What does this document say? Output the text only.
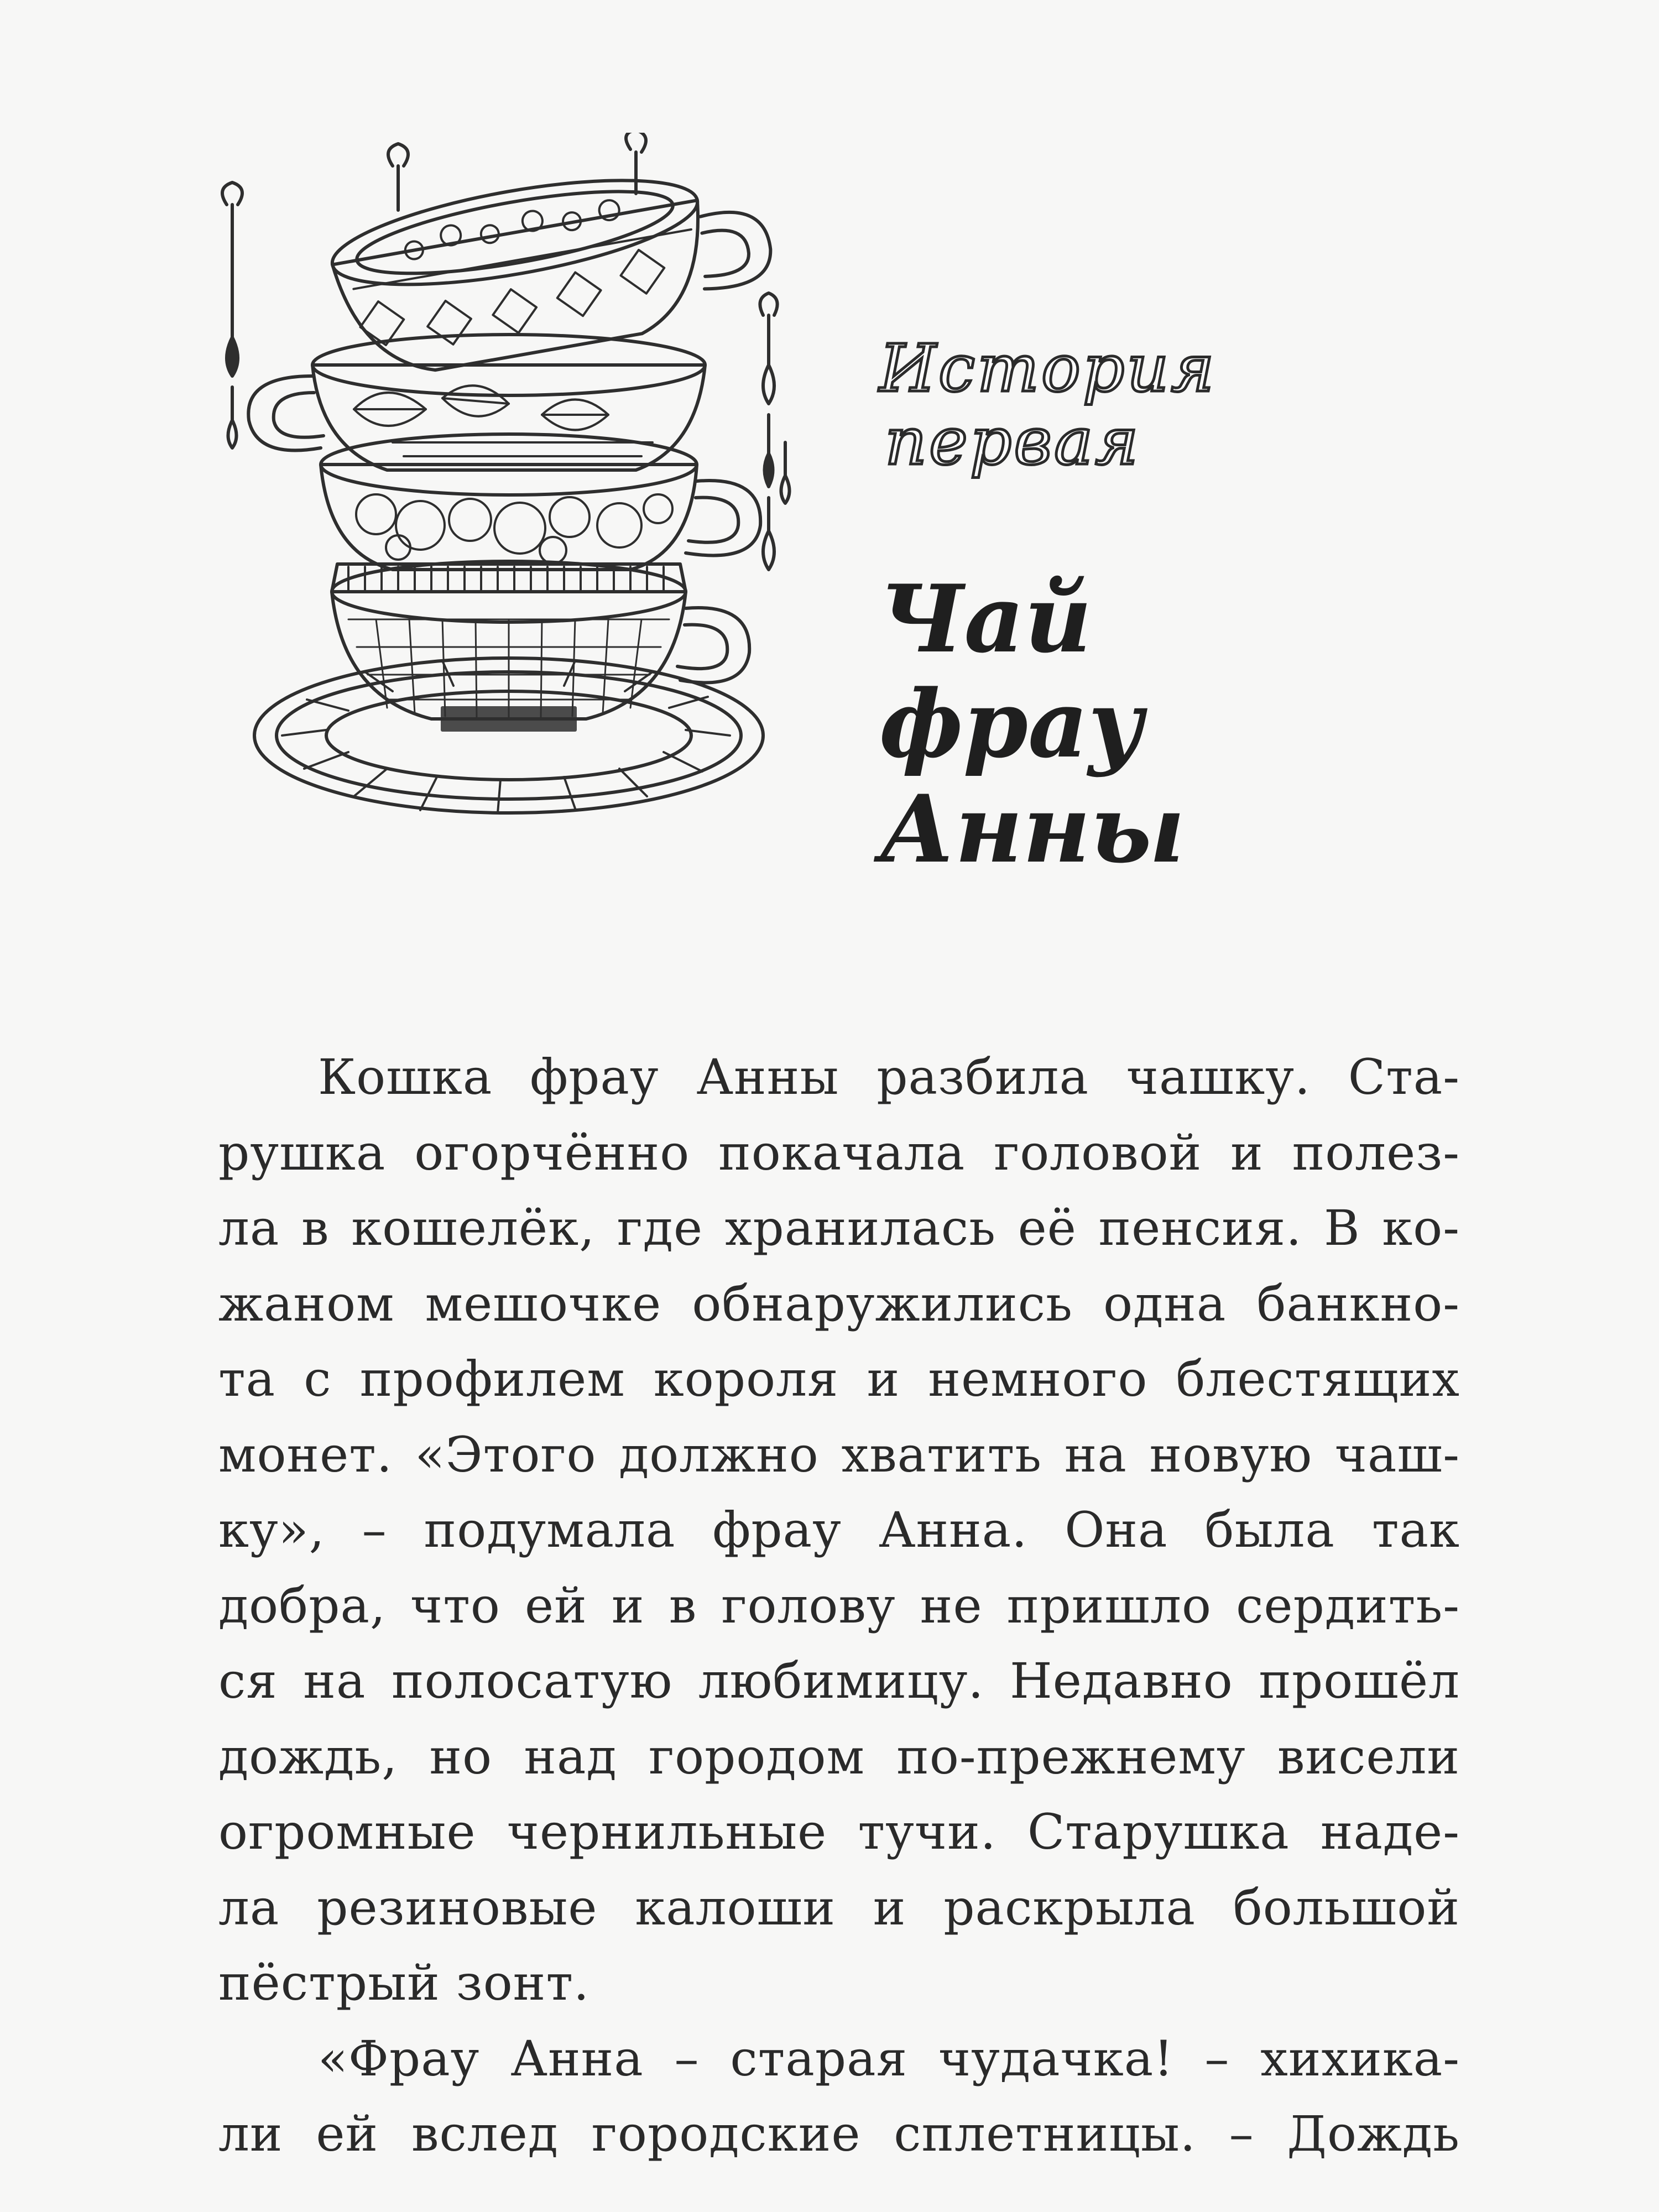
История
первая
Чай
фрау
Анны
Кошка фрау Анны разбила чашку. Ста-
рушка огорчённо покачала головой и полез-
ла в кошелёк, где хранилась её пенсия. В ко-
жаном мешочке обнаружились одна банкно-
та с профилем короля и немного блестящих
монет. «Этого должно хватить на новую чаш-
ку», – подумала фрау Анна. Она была так
добра, что ей и в голову не пришло сердить-
ся на полосатую любимицу. Недавно прошёл
дождь, но над городом по-прежнему висели
огромные чернильные тучи. Старушка наде-
ла резиновые калоши и раскрыла большой
пёстрый зонт.
«Фрау Анна – старая чудачка! – хихика-
ли ей вслед городские сплетницы. – Дождь
